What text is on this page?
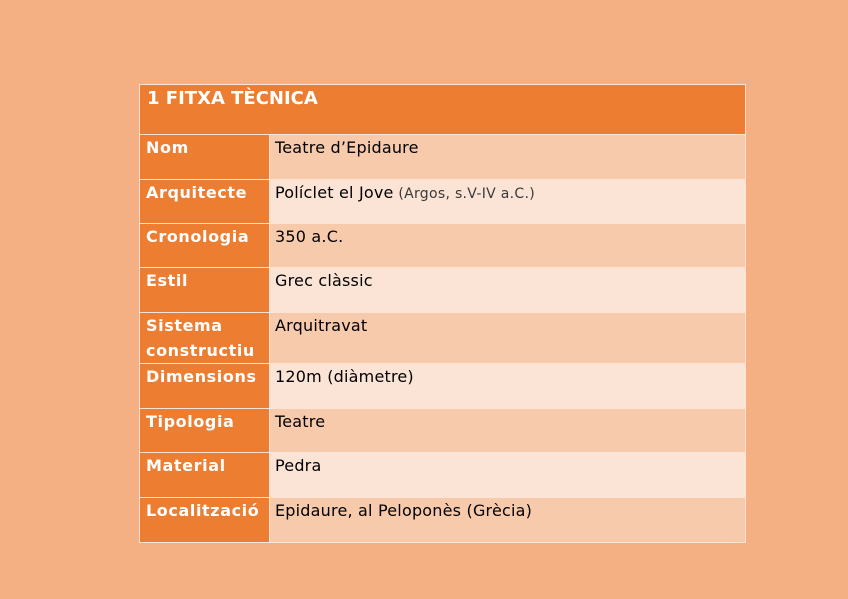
1 FITXA TÈCNICA	
Nom	Teatre d’Epidaure
Arquitecte	Políclet el Jove (Argos, s.V-IV a.C.)
Cronologia	350 a.C.
Estil	Grec clàssic
Sistema constructiu	Arquitravat
Dimensions	120m (diàmetre)
Tipologia	Teatre
Material	Pedra
Localització	Epidaure, al Peloponès (Grècia)
